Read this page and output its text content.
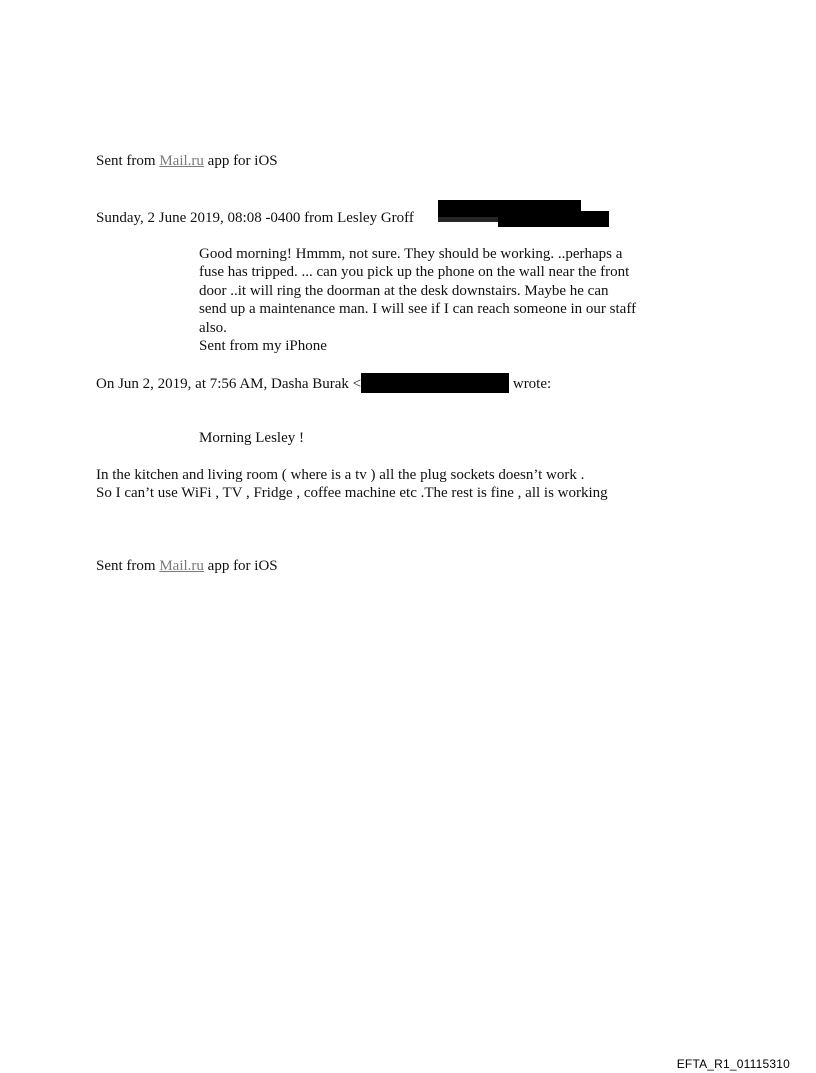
Sent from Mail.ru app for iOS
Sunday, 2 June 2019, 08:08 -0400 from Lesley Groff
Good morning! Hmmm, not sure. They should be working. ..perhaps a
fuse has tripped. ... can you pick up the phone on the wall near the front
door ..it will ring the doorman at the desk downstairs. Maybe he can
send up a maintenance man. I will see if I can reach someone in our staff
also.
Sent from my iPhone
On Jun 2, 2019, at 7:56 AM, Dasha Burak <	wrote:
Morning Lesley !
In the kitchen and living room ( where is a tv ) all the plug sockets doesn’t work .
So I can’t use WiFi , TV , Fridge , coffee machine etc .The rest is fine , all is working
Sent from Mail.ru app for iOS
EFTA_R1_01115310
